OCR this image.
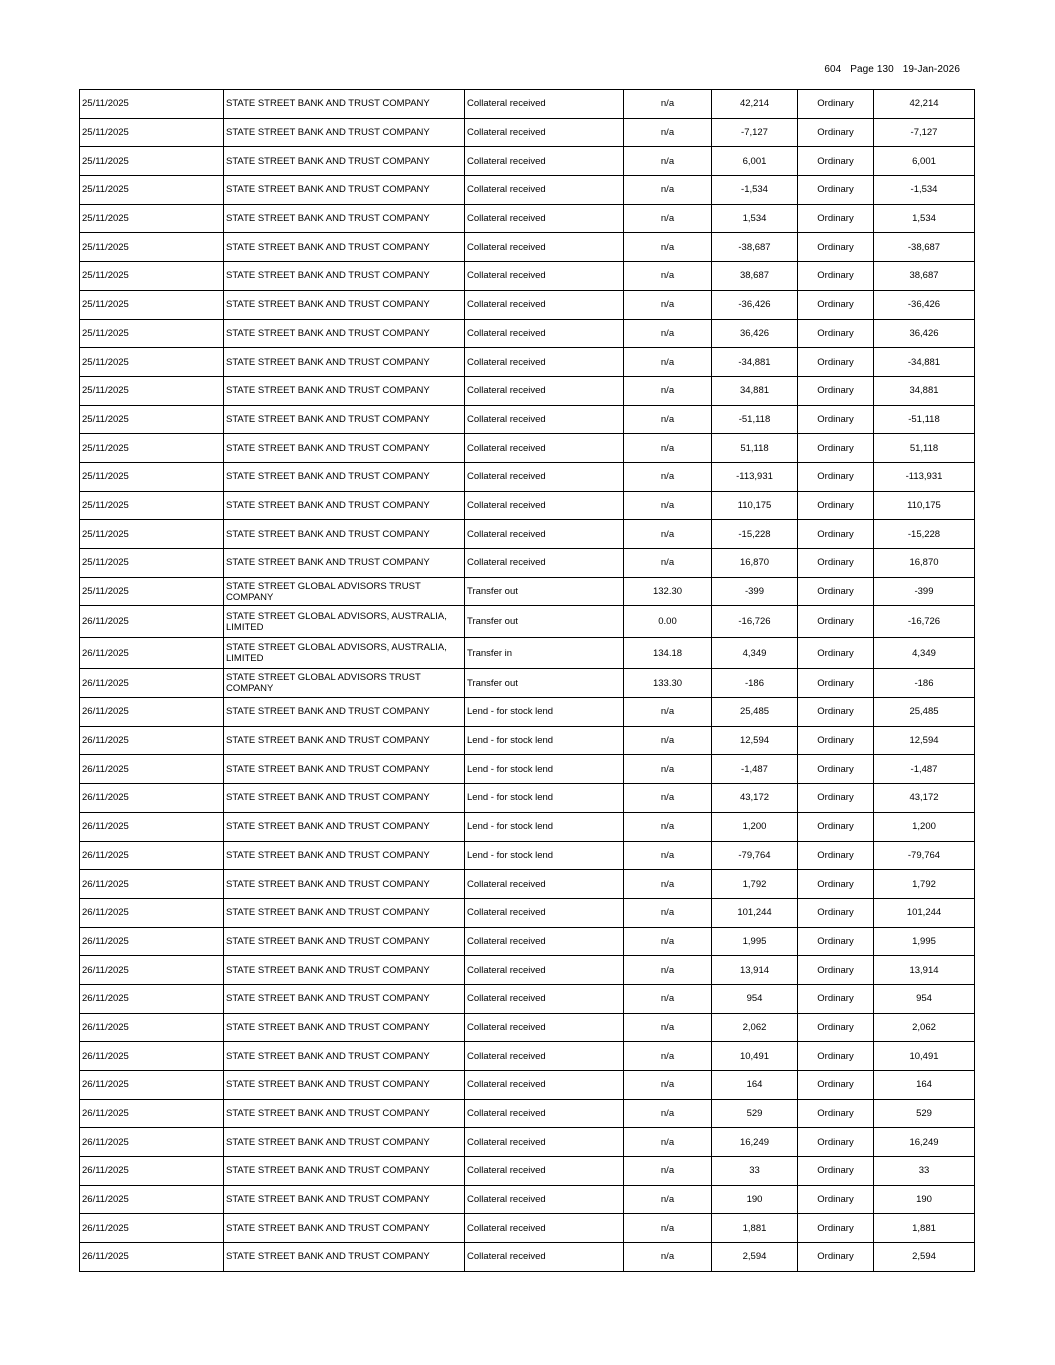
604 Page 130 19-Jan-2026
25/11/2025	STATE STREET BANK AND TRUST COMPANY	Collateral received	n/a	42,214	Ordinary	42,214
25/11/2025	STATE STREET BANK AND TRUST COMPANY	Collateral received	n/a	-7,127	Ordinary	-7,127
25/11/2025	STATE STREET BANK AND TRUST COMPANY	Collateral received	n/a	6,001	Ordinary	6,001
25/11/2025	STATE STREET BANK AND TRUST COMPANY	Collateral received	n/a	-1,534	Ordinary	-1,534
25/11/2025	STATE STREET BANK AND TRUST COMPANY	Collateral received	n/a	1,534	Ordinary	1,534
25/11/2025	STATE STREET BANK AND TRUST COMPANY	Collateral received	n/a	-38,687	Ordinary	-38,687
25/11/2025	STATE STREET BANK AND TRUST COMPANY	Collateral received	n/a	38,687	Ordinary	38,687
25/11/2025	STATE STREET BANK AND TRUST COMPANY	Collateral received	n/a	-36,426	Ordinary	-36,426
25/11/2025	STATE STREET BANK AND TRUST COMPANY	Collateral received	n/a	36,426	Ordinary	36,426
25/11/2025	STATE STREET BANK AND TRUST COMPANY	Collateral received	n/a	-34,881	Ordinary	-34,881
25/11/2025	STATE STREET BANK AND TRUST COMPANY	Collateral received	n/a	34,881	Ordinary	34,881
25/11/2025	STATE STREET BANK AND TRUST COMPANY	Collateral received	n/a	-51,118	Ordinary	-51,118
25/11/2025	STATE STREET BANK AND TRUST COMPANY	Collateral received	n/a	51,118	Ordinary	51,118
25/11/2025	STATE STREET BANK AND TRUST COMPANY	Collateral received	n/a	-113,931	Ordinary	-113,931
25/11/2025	STATE STREET BANK AND TRUST COMPANY	Collateral received	n/a	110,175	Ordinary	110,175
25/11/2025	STATE STREET BANK AND TRUST COMPANY	Collateral received	n/a	-15,228	Ordinary	-15,228
25/11/2025	STATE STREET BANK AND TRUST COMPANY	Collateral received	n/a	16,870	Ordinary	16,870
25/11/2025	STATE STREET GLOBAL ADVISORS TRUST COMPANY	Transfer out	132.30	-399	Ordinary	-399
26/11/2025	STATE STREET GLOBAL ADVISORS, AUSTRALIA, LIMITED	Transfer out	0.00	-16,726	Ordinary	-16,726
26/11/2025	STATE STREET GLOBAL ADVISORS, AUSTRALIA, LIMITED	Transfer in	134.18	4,349	Ordinary	4,349
26/11/2025	STATE STREET GLOBAL ADVISORS TRUST COMPANY	Transfer out	133.30	-186	Ordinary	-186
26/11/2025	STATE STREET BANK AND TRUST COMPANY	Lend - for stock lend	n/a	25,485	Ordinary	25,485
26/11/2025	STATE STREET BANK AND TRUST COMPANY	Lend - for stock lend	n/a	12,594	Ordinary	12,594
26/11/2025	STATE STREET BANK AND TRUST COMPANY	Lend - for stock lend	n/a	-1,487	Ordinary	-1,487
26/11/2025	STATE STREET BANK AND TRUST COMPANY	Lend - for stock lend	n/a	43,172	Ordinary	43,172
26/11/2025	STATE STREET BANK AND TRUST COMPANY	Lend - for stock lend	n/a	1,200	Ordinary	1,200
26/11/2025	STATE STREET BANK AND TRUST COMPANY	Lend - for stock lend	n/a	-79,764	Ordinary	-79,764
26/11/2025	STATE STREET BANK AND TRUST COMPANY	Collateral received	n/a	1,792	Ordinary	1,792
26/11/2025	STATE STREET BANK AND TRUST COMPANY	Collateral received	n/a	101,244	Ordinary	101,244
26/11/2025	STATE STREET BANK AND TRUST COMPANY	Collateral received	n/a	1,995	Ordinary	1,995
26/11/2025	STATE STREET BANK AND TRUST COMPANY	Collateral received	n/a	13,914	Ordinary	13,914
26/11/2025	STATE STREET BANK AND TRUST COMPANY	Collateral received	n/a	954	Ordinary	954
26/11/2025	STATE STREET BANK AND TRUST COMPANY	Collateral received	n/a	2,062	Ordinary	2,062
26/11/2025	STATE STREET BANK AND TRUST COMPANY	Collateral received	n/a	10,491	Ordinary	10,491
26/11/2025	STATE STREET BANK AND TRUST COMPANY	Collateral received	n/a	164	Ordinary	164
26/11/2025	STATE STREET BANK AND TRUST COMPANY	Collateral received	n/a	529	Ordinary	529
26/11/2025	STATE STREET BANK AND TRUST COMPANY	Collateral received	n/a	16,249	Ordinary	16,249
26/11/2025	STATE STREET BANK AND TRUST COMPANY	Collateral received	n/a	33	Ordinary	33
26/11/2025	STATE STREET BANK AND TRUST COMPANY	Collateral received	n/a	190	Ordinary	190
26/11/2025	STATE STREET BANK AND TRUST COMPANY	Collateral received	n/a	1,881	Ordinary	1,881
26/11/2025	STATE STREET BANK AND TRUST COMPANY	Collateral received	n/a	2,594	Ordinary	2,594
